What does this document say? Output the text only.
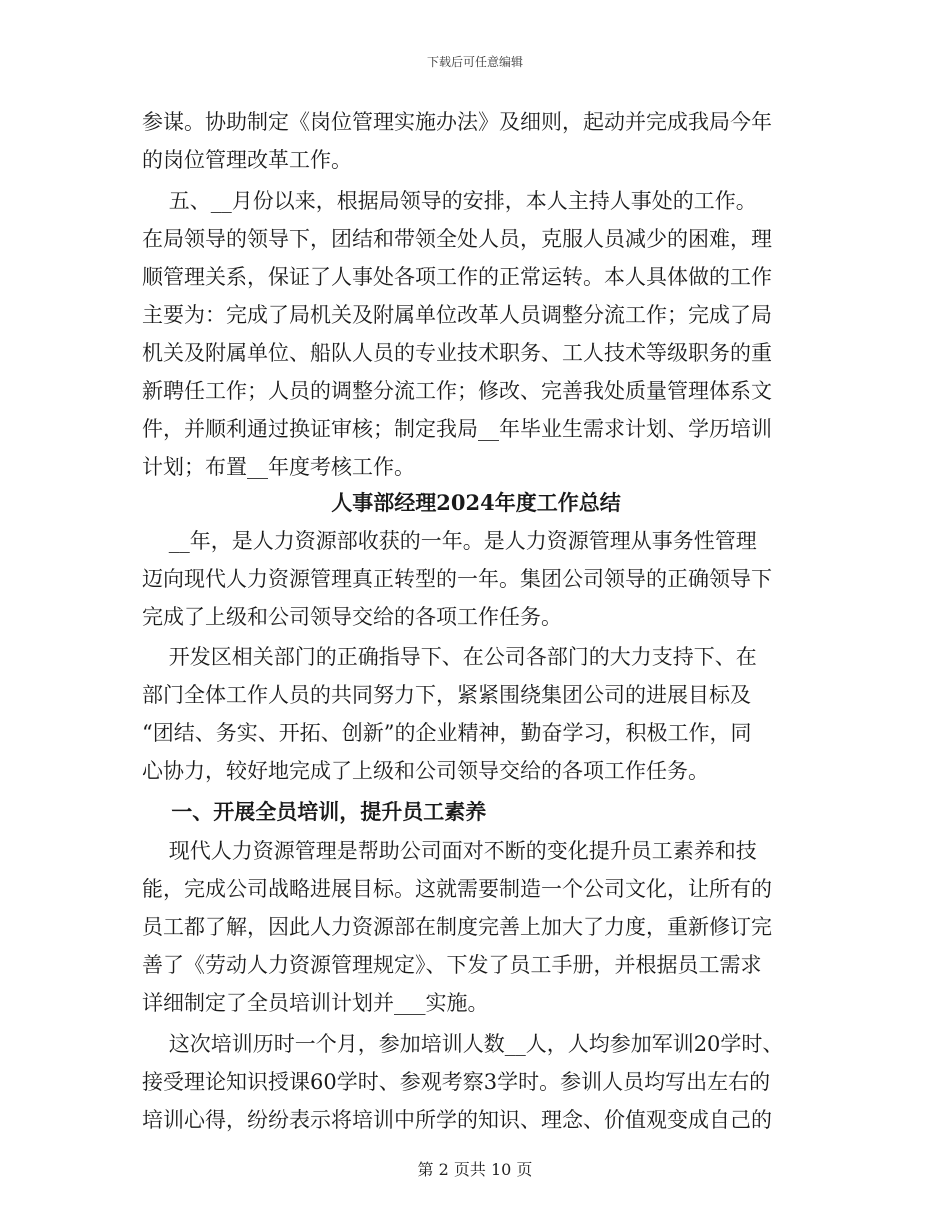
下载后可任意编辑
参谋。协助制定《岗位管理实施办法》及细则，起动并完成我局今年
的岗位管理改革工作。
五、__月份以来，根据局领导的安排，本人主持人事处的工作。
在局领导的领导下，团结和带领全处人员，克服人员减少的困难，理
顺管理关系，保证了人事处各项工作的正常运转。本人具体做的工作
主要为：完成了局机关及附属单位改革人员调整分流工作；完成了局
机关及附属单位、船队人员的专业技术职务、工人技术等级职务的重
新聘任工作；人员的调整分流工作；修改、完善我处质量管理体系文
件，并顺利通过换证审核；制定我局__年毕业生需求计划、学历培训
计划；布置__年度考核工作。
人事部经理2024年度工作总结
__年，是人力资源部收获的一年。是人力资源管理从事务性管理
迈向现代人力资源管理真正转型的一年。集团公司领导的正确领导下
完成了上级和公司领导交给的各项工作任务。
开发区相关部门的正确指导下、在公司各部门的大力支持下、在
部门全体工作人员的共同努力下，紧紧围绕集团公司的进展目标及
“团结、务实、开拓、创新”的企业精神，勤奋学习，积极工作，同
心协力，较好地完成了上级和公司领导交给的各项工作任务。
一、开展全员培训，提升员工素养
现代人力资源管理是帮助公司面对不断的变化提升员工素养和技
能，完成公司战略进展目标。这就需要制造一个公司文化，让所有的
员工都了解，因此人力资源部在制度完善上加大了力度，重新修订完
善了《劳动人力资源管理规定》、下发了员工手册，并根据员工需求
详细制定了全员培训计划并___实施。
这次培训历时一个月，参加培训人数__人，人均参加军训20学时、
接受理论知识授课60学时、参观考察3学时。参训人员均写出左右的
培训心得，纷纷表示将培训中所学的知识、理念、价值观变成自己的
第 2 页共 10 页
